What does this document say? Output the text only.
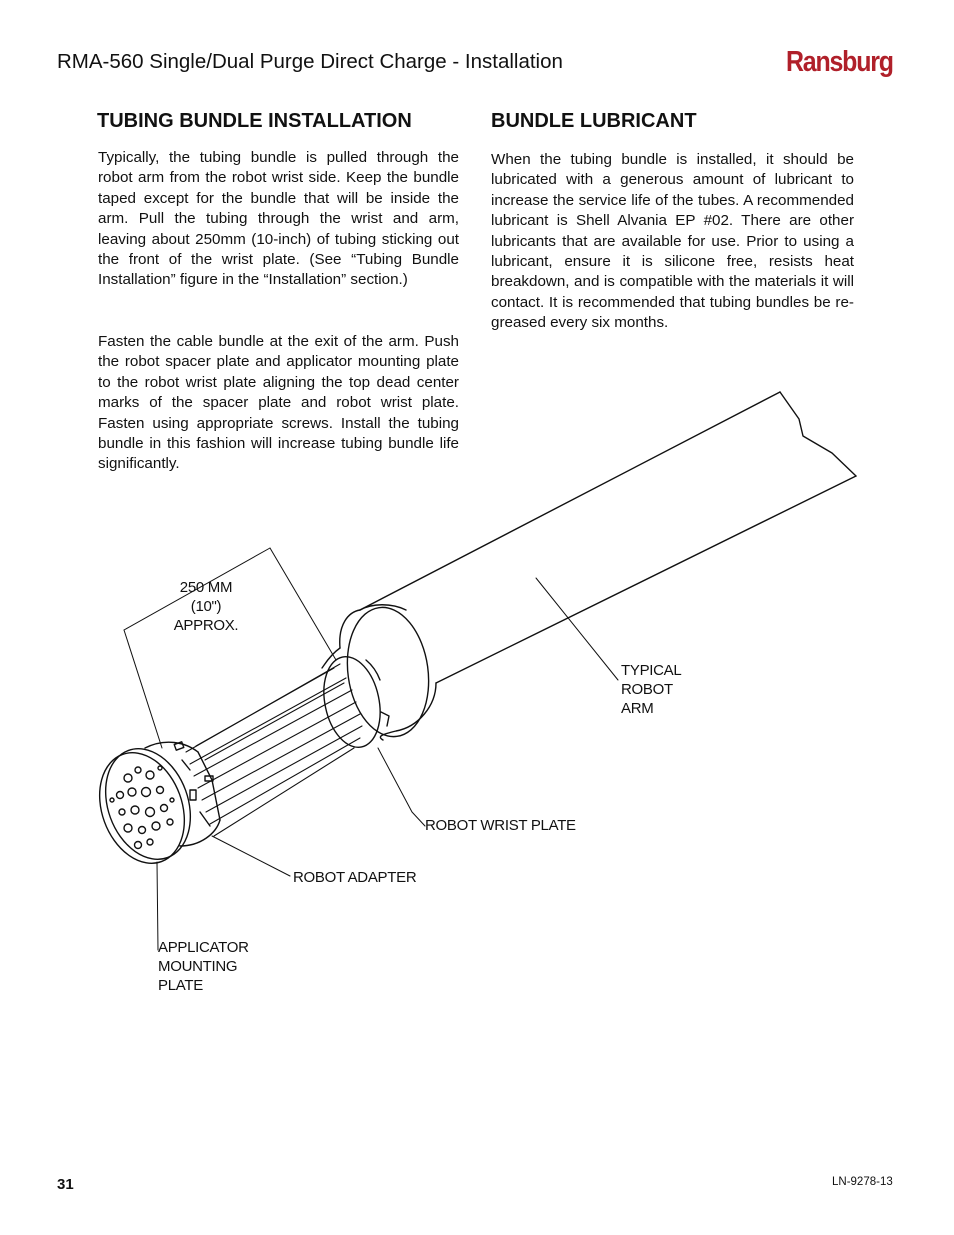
RMA-560 Single/Dual Purge Direct Charge - Installation	Ransburg
TUBING BUNDLE INSTALLATION
Typically, the tubing bundle is pulled through the robot arm from the robot wrist side. Keep the bundle taped except for the bundle that will be inside the arm. Pull the tubing through the wrist and arm, leaving about 250mm (10-inch) of tubing sticking out the front of the wrist plate. (See “Tubing Bundle Installation” figure in the “Installation” section.)
Fasten the cable bundle at the exit of the arm. Push the robot spacer plate and applicator mounting plate to the robot wrist plate aligning the top dead center marks of the spacer plate and robot wrist plate. Fasten using appropriate screws. Install the tubing bundle in this fashion will increase tubing bundle life significantly.
BUNDLE LUBRICANT
When the tubing bundle is installed, it should be lubricated with a generous amount of lubricant to increase the service life of the tubes. A recommended lubricant is Shell Alvania EP #02. There are other lubricants that are available for use. Prior to using a lubricant, ensure it is silicone free, resists heat breakdown, and is compatible with the materials it will contact. It is recommended that tubing bundles be re-greased every six months.
250 MM
(10")
APPROX.
TYPICAL
ROBOT
ARM
ROBOT WRIST PLATE
ROBOT ADAPTER
APPLICATOR
MOUNTING
PLATE
31	LN-9278-13
